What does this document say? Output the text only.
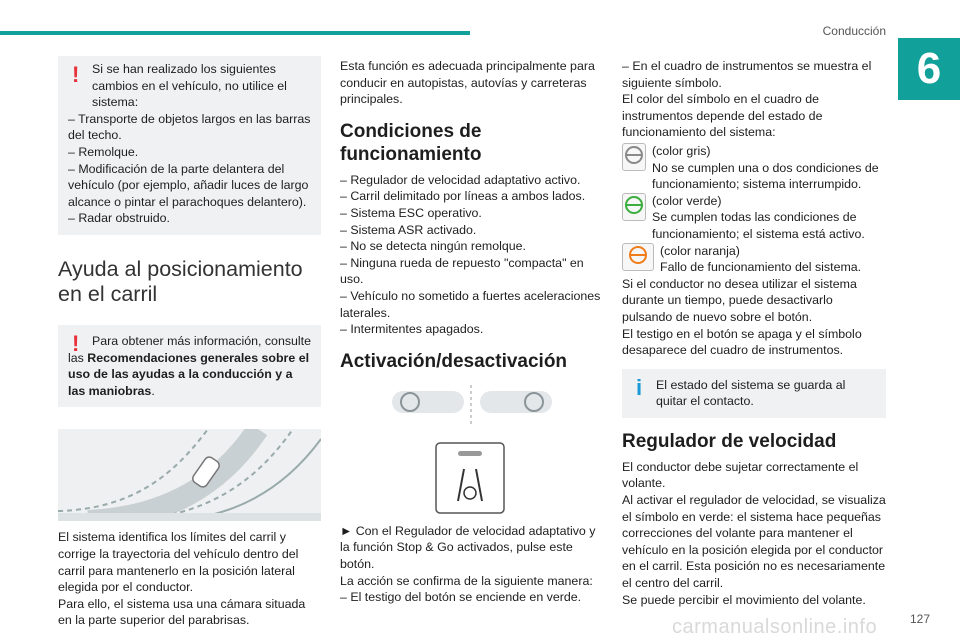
Conducción
6
!	Si se han realizado los siguientes cambios en el vehículo, no utilice el sistema:

– Transporte de objetos largos en las barras del techo.

– Remolque.

– Modificación de la parte delantera del vehículo (por ejemplo, añadir luces de largo alcance o pintar el parachoques delantero).

– Radar obstruido.

Ayuda al posicionamiento en el carril
!	Para obtener más información, consulte las Recomendaciones generales sobre el uso de las ayudas a la conducción y a las maniobras.

El sistema identifica los límites del carril y corrige la trayectoria del vehículo dentro del carril para mantenerlo en la posición lateral elegida por el conductor.

Para ello, el sistema usa una cámara situada en la parte superior del parabrisas.

Esta función es adecuada principalmente para conducir en autopistas, autovías y carreteras principales.

Condiciones de funcionamiento

– Regulador de velocidad adaptativo activo.

– Carril delimitado por líneas a ambos lados.

– Sistema ESC operativo.

– Sistema ASR activado.

– No se detecta ningún remolque.

– Ninguna rueda de repuesto "compacta" en uso.

– Vehículo no sometido a fuertes aceleraciones laterales.

– Intermitentes apagados.

Activación/desactivación

► Con el Regulador de velocidad adaptativo y la función Stop & Go activados, pulse este botón.

La acción se confirma de la siguiente manera:

– El testigo del botón se enciende en verde.

– En el cuadro de instrumentos se muestra el siguiente símbolo.

El color del símbolo en el cuadro de instrumentos depende del estado de funcionamiento del sistema:

(color gris)

No se cumplen una o dos condiciones de funcionamiento; sistema interrumpido.

(color verde)

Se cumplen todas las condiciones de funcionamiento; el sistema está activo.

(color naranja)

Fallo de funcionamiento del sistema.

Si el conductor no desea utilizar el sistema durante un tiempo, puede desactivarlo pulsando de nuevo sobre el botón.

El testigo en el botón se apaga y el símbolo desaparece del cuadro de instrumentos.

i	El estado del sistema se guarda al quitar el contacto.

Regulador de velocidad

El conductor debe sujetar correctamente el volante.

Al activar el regulador de velocidad, se visualiza el símbolo en verde: el sistema hace pequeñas correcciones del volante para mantener el vehículo en la posición elegida por el conductor en el carril. Esta posición no es necesariamente el centro del carril.

Se puede percibir el movimiento del volante.

carmanualsonline.info	127
